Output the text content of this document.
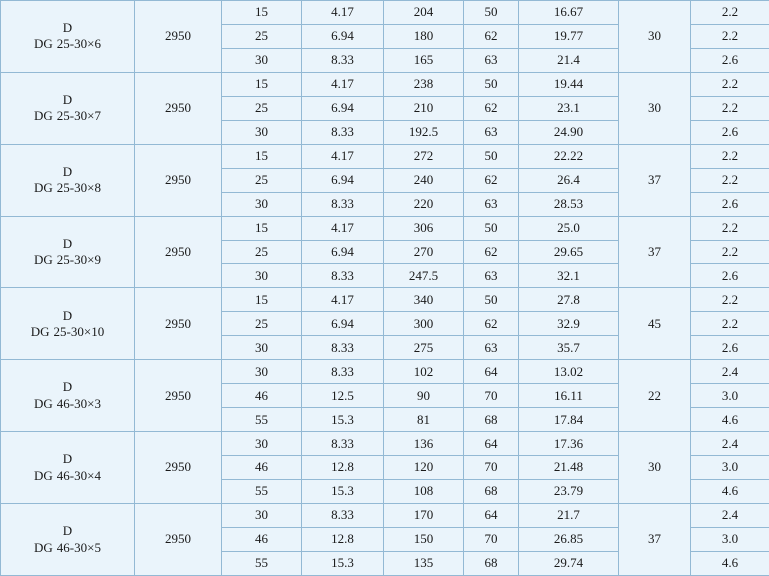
D
DG 25-30×6	2950	15	4.17	204	50	16.67	30	2.2
		25	6.94	180	62	19.77		2.2
		30	8.33	165	63	21.4		2.6

D
DG 25-30×7	2950	15	4.17	238	50	19.44	30	2.2
		25	6.94	210	62	23.1		2.2
		30	8.33	192.5	63	24.90		2.6

D
DG 25-30×8	2950	15	4.17	272	50	22.22	37	2.2
		25	6.94	240	62	26.4		2.2
		30	8.33	220	63	28.53		2.6

D
DG 25-30×9	2950	15	4.17	306	50	25.0	37	2.2
		25	6.94	270	62	29.65		2.2
		30	8.33	247.5	63	32.1		2.6

D
DG 25-30×10	2950	15	4.17	340	50	27.8	45	2.2
		25	6.94	300	62	32.9		2.2
		30	8.33	275	63	35.7		2.6

D
DG 46-30×3	2950	30	8.33	102	64	13.02	22	2.4
		46	12.5	90	70	16.11		3.0
		55	15.3	81	68	17.84		4.6

D
DG 46-30×4	2950	30	8.33	136	64	17.36	30	2.4
		46	12.8	120	70	21.48		3.0
		55	15.3	108	68	23.79		4.6

D
DG 46-30×5	2950	30	8.33	170	64	21.7	37	2.4
		46	12.8	150	70	26.85		3.0
		55	15.3	135	68	29.74		4.6
